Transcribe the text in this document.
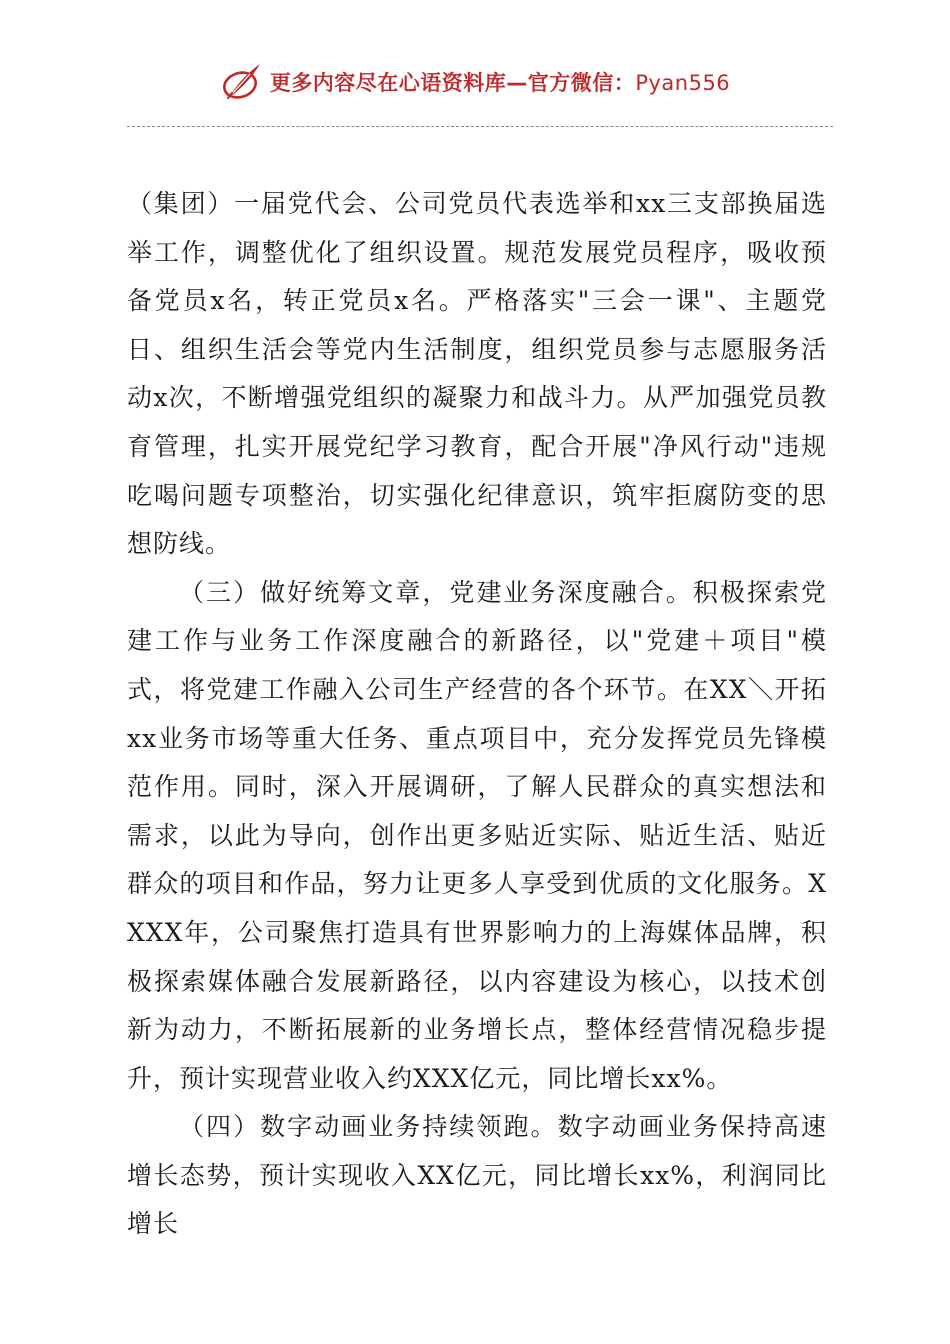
更多内容尽在心语资料库—官方微信：Pyan556

（集团）一届党代会、公司党员代表选举和xx三支部换届选举工作，调整优化了组织设置。规范发展党员程序，吸收预备党员x名，转正党员x名。严格落实"三会一课"、主题党日、组织生活会等党内生活制度，组织党员参与志愿服务活动x次，不断增强党组织的凝聚力和战斗力。从严加强党员教育管理，扎实开展党纪学习教育，配合开展"净风行动"违规吃喝问题专项整治，切实强化纪律意识，筑牢拒腐防变的思想防线。

（三）做好统筹文章，党建业务深度融合。积极探索党建工作与业务工作深度融合的新路径，以"党建＋项目"模式，将党建工作融入公司生产经营的各个环节。在XX＼开拓xx业务市场等重大任务、重点项目中，充分发挥党员先锋模范作用。同时，深入开展调研，了解人民群众的真实想法和需求，以此为导向，创作出更多贴近实际、贴近生活、贴近群众的项目和作品，努力让更多人享受到优质的文化服务。XXXX年，公司聚焦打造具有世界影响力的上海媒体品牌，积极探索媒体融合发展新路径，以内容建设为核心，以技术创新为动力，不断拓展新的业务增长点，整体经营情况稳步提升，预计实现营业收入约XXX亿元，同比增长xx%。

（四）数字动画业务持续领跑。数字动画业务保持高速增长态势，预计实现收入XX亿元，同比增长xx%，利润同比增长
